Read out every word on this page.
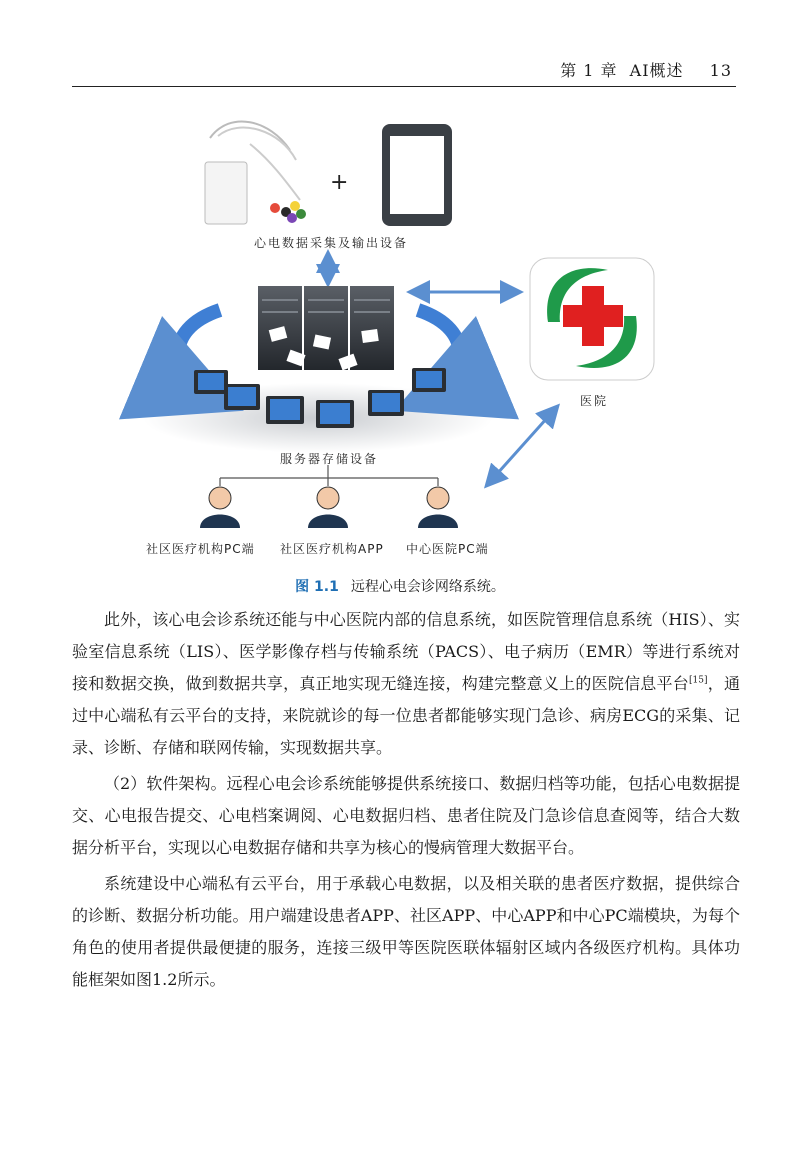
第 1 章 AI概述 13
+
心电数据采集及输出设备
医院
服务器存储设备
社区医疗机构PC端 社区医疗机构APP 中心医院PC端
图 1.1 远程心电会诊网络系统。

此外，该心电会诊系统还能与中心医院内部的信息系统，如医院管理信息系统（HIS）、实验室信息系统（LIS）、医学影像存档与传输系统（PACS）、电子病历（EMR）等进行系统对接和数据交换，做到数据共享，真正地实现无缝连接，构建完整意义上的医院信息平台[15]，通过中心端私有云平台的支持，来院就诊的每一位患者都能够实现门急诊、病房ECG的采集、记录、诊断、存储和联网传输，实现数据共享。

（2）软件架构。远程心电会诊系统能够提供系统接口、数据归档等功能，包括心电数据提交、心电报告提交、心电档案调阅、心电数据归档、患者住院及门急诊信息查阅等，结合大数据分析平台，实现以心电数据存储和共享为核心的慢病管理大数据平台。

系统建设中心端私有云平台，用于承载心电数据，以及相关联的患者医疗数据，提供综合的诊断、数据分析功能。用户端建设患者APP、社区APP、中心APP和中心PC端模块，为每个角色的使用者提供最便捷的服务，连接三级甲等医院医联体辐射区域内各级医疗机构。具体功能框架如图1.2所示。
